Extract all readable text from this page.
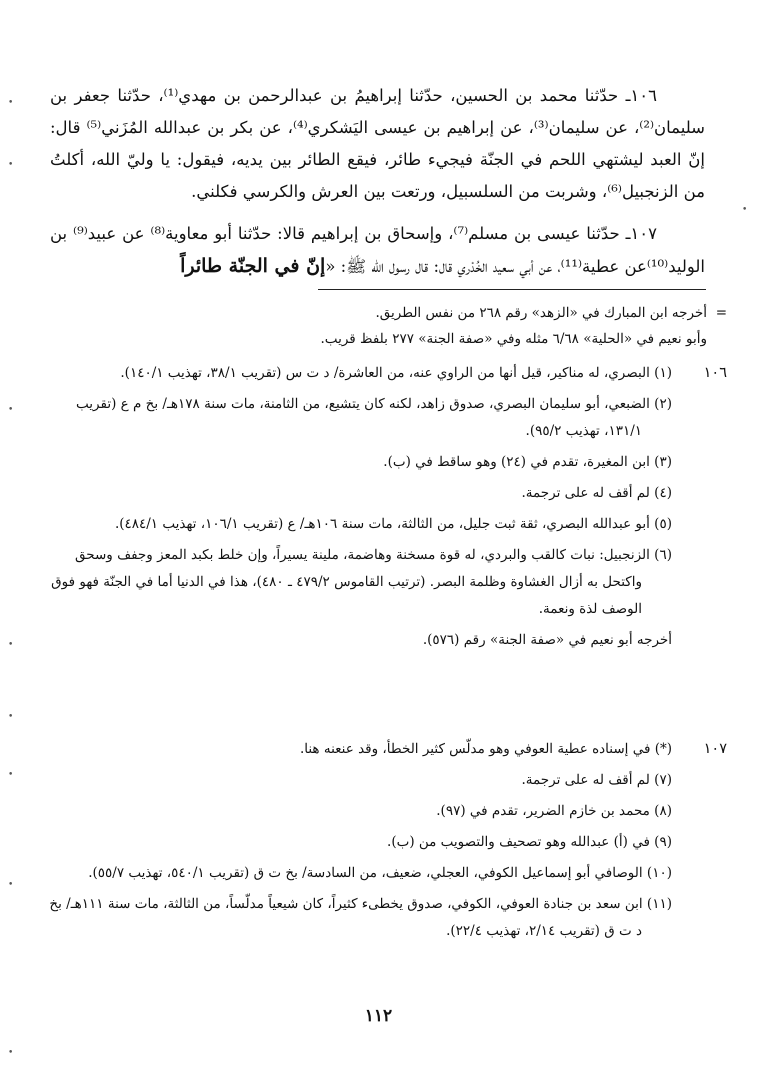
١٠٦ـ حدّثنا محمد بن الحسين، حدّثنا إبراهيمُ بن عبدالرحمن بن مهدي⁽¹⁾، حدّثنا جعفر بن سليمان⁽²⁾، عن سليمان⁽³⁾، عن إبراهيم بن عيسى اليَشكري⁽⁴⁾، عن بكر بن عبدالله المُزَني⁽⁵⁾ قال: إنّ العبد ليشتهي اللحم في الجنّة فيجيء طائر، فيقع الطائر بين يديه، فيقول: يا وليّ الله، أكلتُ من الزنجبيل⁽⁶⁾، وشربت من السلسبيل، ورتعت بين العرش والكرسي فكلني.

١٠٧ـ حدّثنا عيسى بن مسلم⁽⁷⁾، وإسحاق بن إبراهيم قالا: حدّثنا أبو معاوية⁽⁸⁾ عن عبيد⁽⁹⁾ بن الوليد⁽¹⁰⁾عن عطية⁽¹¹⁾، عن أبي سعيد الخُدْري قال: قال رسول الله ﷺ: «إنّ في الجنّة طائراً

=أخرجه ابن المبارك في «الزهد» رقم ٢٦٨ من نفس الطريق.
وأبو نعيم في «الحلية» ٦/٦٨ مثله وفي «صفة الجنة» ٢٧٧ بلفظ قريب.
١٠٦

(١) البصري، له مناكير، قيل أنها من الراوي عنه، من العاشرة/ د ت س (تقريب ٣٨/١، تهذيب ١٤٠/١).

(٢) الضبعي، أبو سليمان البصري، صدوق زاهد، لكنه كان يتشيع، من الثامنة، مات سنة ١٧٨هـ/ بخ م ع (تقريب ١٣١/١، تهذيب ٩٥/٢).

(٣) ابن المغيرة، تقدم في (٢٤) وهو ساقط في (ب).

(٤) لم أقف له على ترجمة.

(٥) أبو عبدالله البصري، ثقة ثبت جليل، من الثالثة، مات سنة ١٠٦هـ/ ع (تقريب ١٠٦/١، تهذيب ٤٨٤/١).

(٦) الزنجبيل: نبات كالقب والبردي، له قوة مسخنة وهاضمة، ملينة يسيراً، وإن خلط بكبد المعز وجفف وسحق واكتحل به أزال الغشاوة وظلمة البصر. (ترتيب القاموس ٤٧٩/٢ ـ ٤٨٠)، هذا في الدنيا أما في الجنّة فهو فوق الوصف لذة ونعمة.

أخرجه أبو نعيم في «صفة الجنة» رقم (٥٧٦).

١٠٧

(*) في إسناده عطية العوفي وهو مدلّس كثير الخطأ، وقد عنعنه هنا.

(٧) لم أقف له على ترجمة.

(٨) محمد بن خازم الضرير، تقدم في (٩٧).

(٩) في (أ) عبدالله وهو تصحيف والتصويب من (ب).

(١٠) الوصافي أبو إسماعيل الكوفي، العجلي، ضعيف، من السادسة/ بخ ت ق (تقريب ٥٤٠/١، تهذيب ٥٥/٧).

(١١) ابن سعد بن جنادة العوفي، الكوفي، صدوق يخطىء كثيراً، كان شيعياً مدلّساً، من الثالثة، مات سنة ١١١هـ/ بخ د ت ق (تقريب ٢/١٤، تهذيب ٢٢/٤).

١١٢
•
•
•
•
•
•
•
•
•
